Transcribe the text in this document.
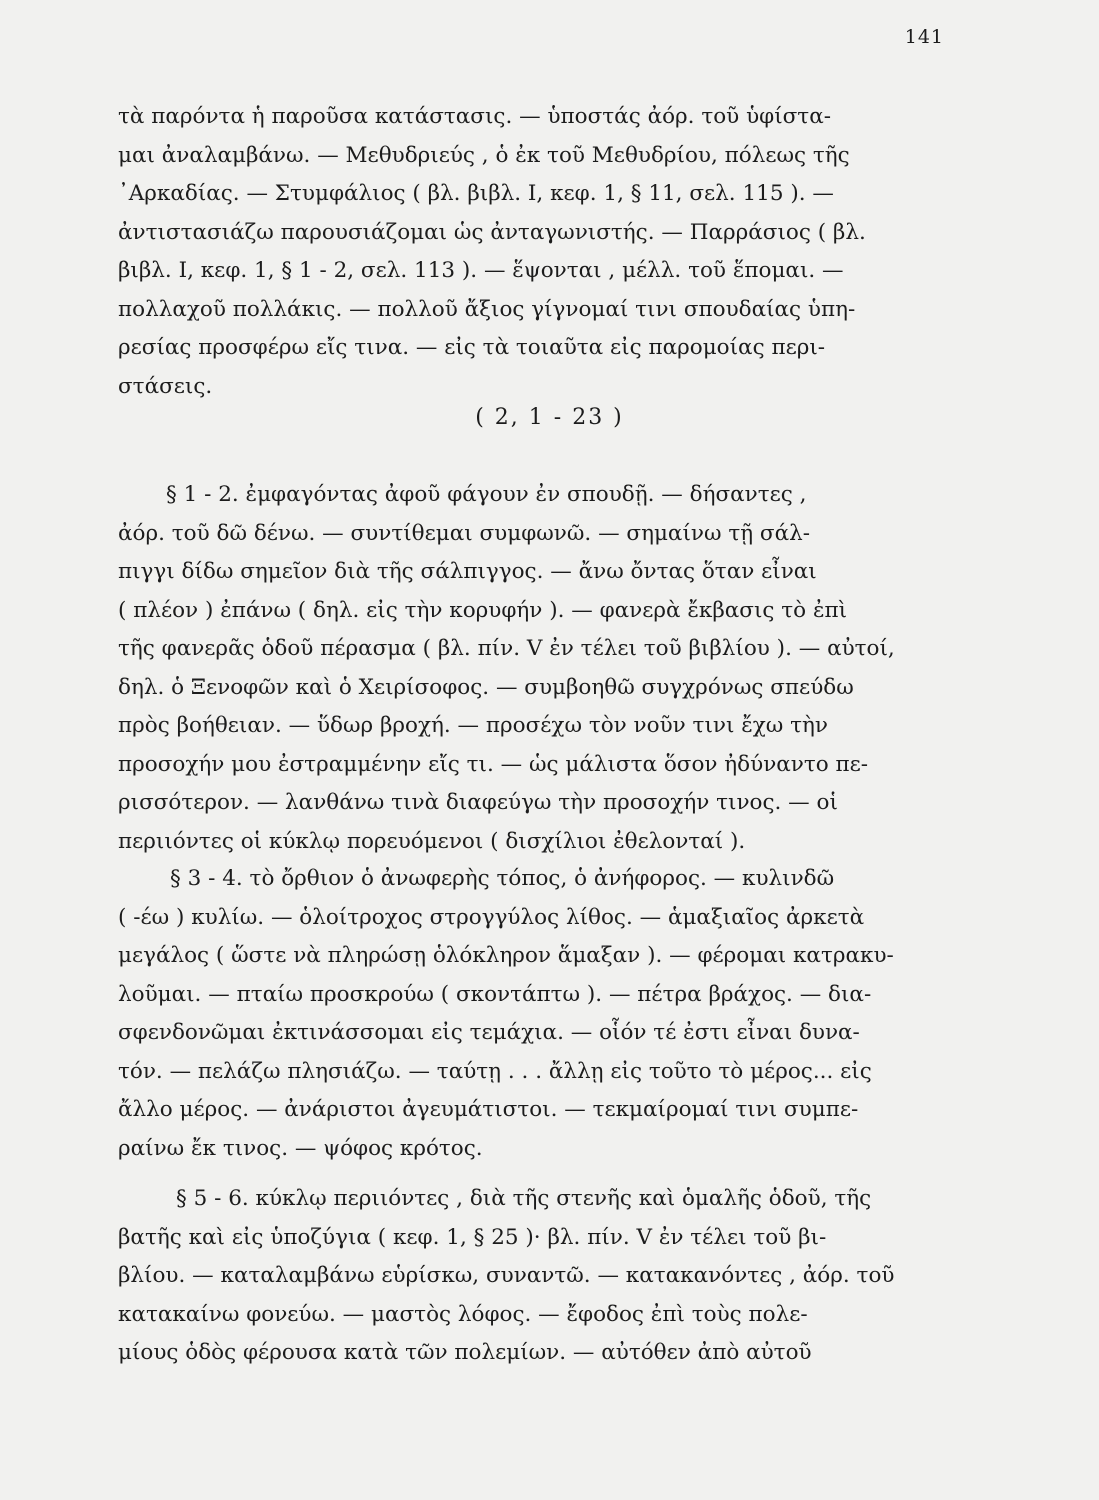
141
τὰ παρόντα ἡ παροῦσα κατάστασις. — ὑποστάς ἀόρ. τοῦ ὑφίστα-
μαι ἀναλαμβάνω. — Μεθυδριεύς , ὁ ἐκ τοῦ Μεθυδρίου, πόλεως τῆς
᾿Αρκαδίας. — Στυμφάλιος ( βλ. βιβλ. I, κεφ. 1, § 11, σελ. 115 ). —
ἀντιστασιάζω παρουσιάζομαι ὡς ἀνταγωνιστής. — Παρράσιος ( βλ.
βιβλ. I, κεφ. 1, § 1 - 2, σελ. 113 ). — ἕψονται , μέλλ. τοῦ ἕπομαι. —
πολλαχοῦ πολλάκις. — πολλοῦ ἄξιος γίγνομαί τινι σπουδαίας ὑπη-
ρεσίας προσφέρω εἴς τινα. — εἰς τὰ τοιαῦτα εἰς παρομοίας περι-
στάσεις.
( 2, 1 - 23 )
§ 1 - 2. ἐμφαγόντας ἀφοῦ φάγουν ἐν σπουδῇ. — δήσαντες ,
ἀόρ. τοῦ δῶ δένω. — συντίθεμαι συμφωνῶ. — σημαίνω τῇ σάλ-
πιγγι δίδω σημεῖον διὰ τῆς σάλπιγγος. — ἄνω ὄντας ὅταν εἶναι
( πλέον ) ἐπάνω ( δηλ. εἰς τὴν κορυφήν ). — φανερὰ ἔκβασις τὸ ἐπὶ
τῆς φανερᾶς ὁδοῦ πέρασμα ( βλ. πίν. V ἐν τέλει τοῦ βιβλίου ). — αὐτοί,
δηλ. ὁ Ξενοφῶν καὶ ὁ Χειρίσοφος. — συμβοηθῶ συγχρόνως σπεύδω
πρὸς βοήθειαν. — ὕδωρ βροχή. — προσέχω τὸν νοῦν τινι ἔχω τὴν
προσοχήν μου ἐστραμμένην εἴς τι. — ὡς μάλιστα ὅσον ἠδύναντο πε-
ρισσότερον. — λανθάνω τινὰ διαφεύγω τὴν προσοχήν τινος. — οἱ
περιιόντες οἱ κύκλῳ πορευόμενοι ( δισχίλιοι ἐθελονταί ).
§ 3 - 4. τὸ ὄρθιον ὁ ἀνωφερὴς τόπος, ὁ ἀνήφορος. — κυλινδῶ
( -έω ) κυλίω. — ὁλοίτροχος στρογγύλος λίθος. — ἁμαξιαῖος ἀρκετὰ
μεγάλος ( ὥστε νὰ πληρώσῃ ὁλόκληρον ἅμαξαν ). — φέρομαι κατρακυ-
λοῦμαι. — πταίω προσκρούω ( σκοντάπτω ). — πέτρα βράχος. — δια-
σφενδονῶμαι ἐκτινάσσομαι εἰς τεμάχια. — οἷόν τέ ἐστι εἶναι δυνα-
τόν. — πελάζω πλησιάζω. — ταύτῃ . . . ἄλλῃ εἰς τοῦτο τὸ μέρος... εἰς
ἄλλο μέρος. — ἀνάριστοι ἀγευμάτιστοι. — τεκμαίρομαί τινι συμπε-
ραίνω ἔκ τινος. — ψόφος κρότος.
§ 5 - 6. κύκλῳ περιιόντες , διὰ τῆς στενῆς καὶ ὁμαλῆς ὁδοῦ, τῆς
βατῆς καὶ εἰς ὑποζύγια ( κεφ. 1, § 25 )· βλ. πίν. V ἐν τέλει τοῦ βι-
βλίου. — καταλαμβάνω εὑρίσκω, συναντῶ. — κατακανόντες , ἀόρ. τοῦ
κατακαίνω φονεύω. — μαστὸς λόφος. — ἔφοδος ἐπὶ τοὺς πολε-
μίους ὁδὸς φέρουσα κατὰ τῶν πολεμίων. — αὐτόθεν ἀπὸ αὐτοῦ
